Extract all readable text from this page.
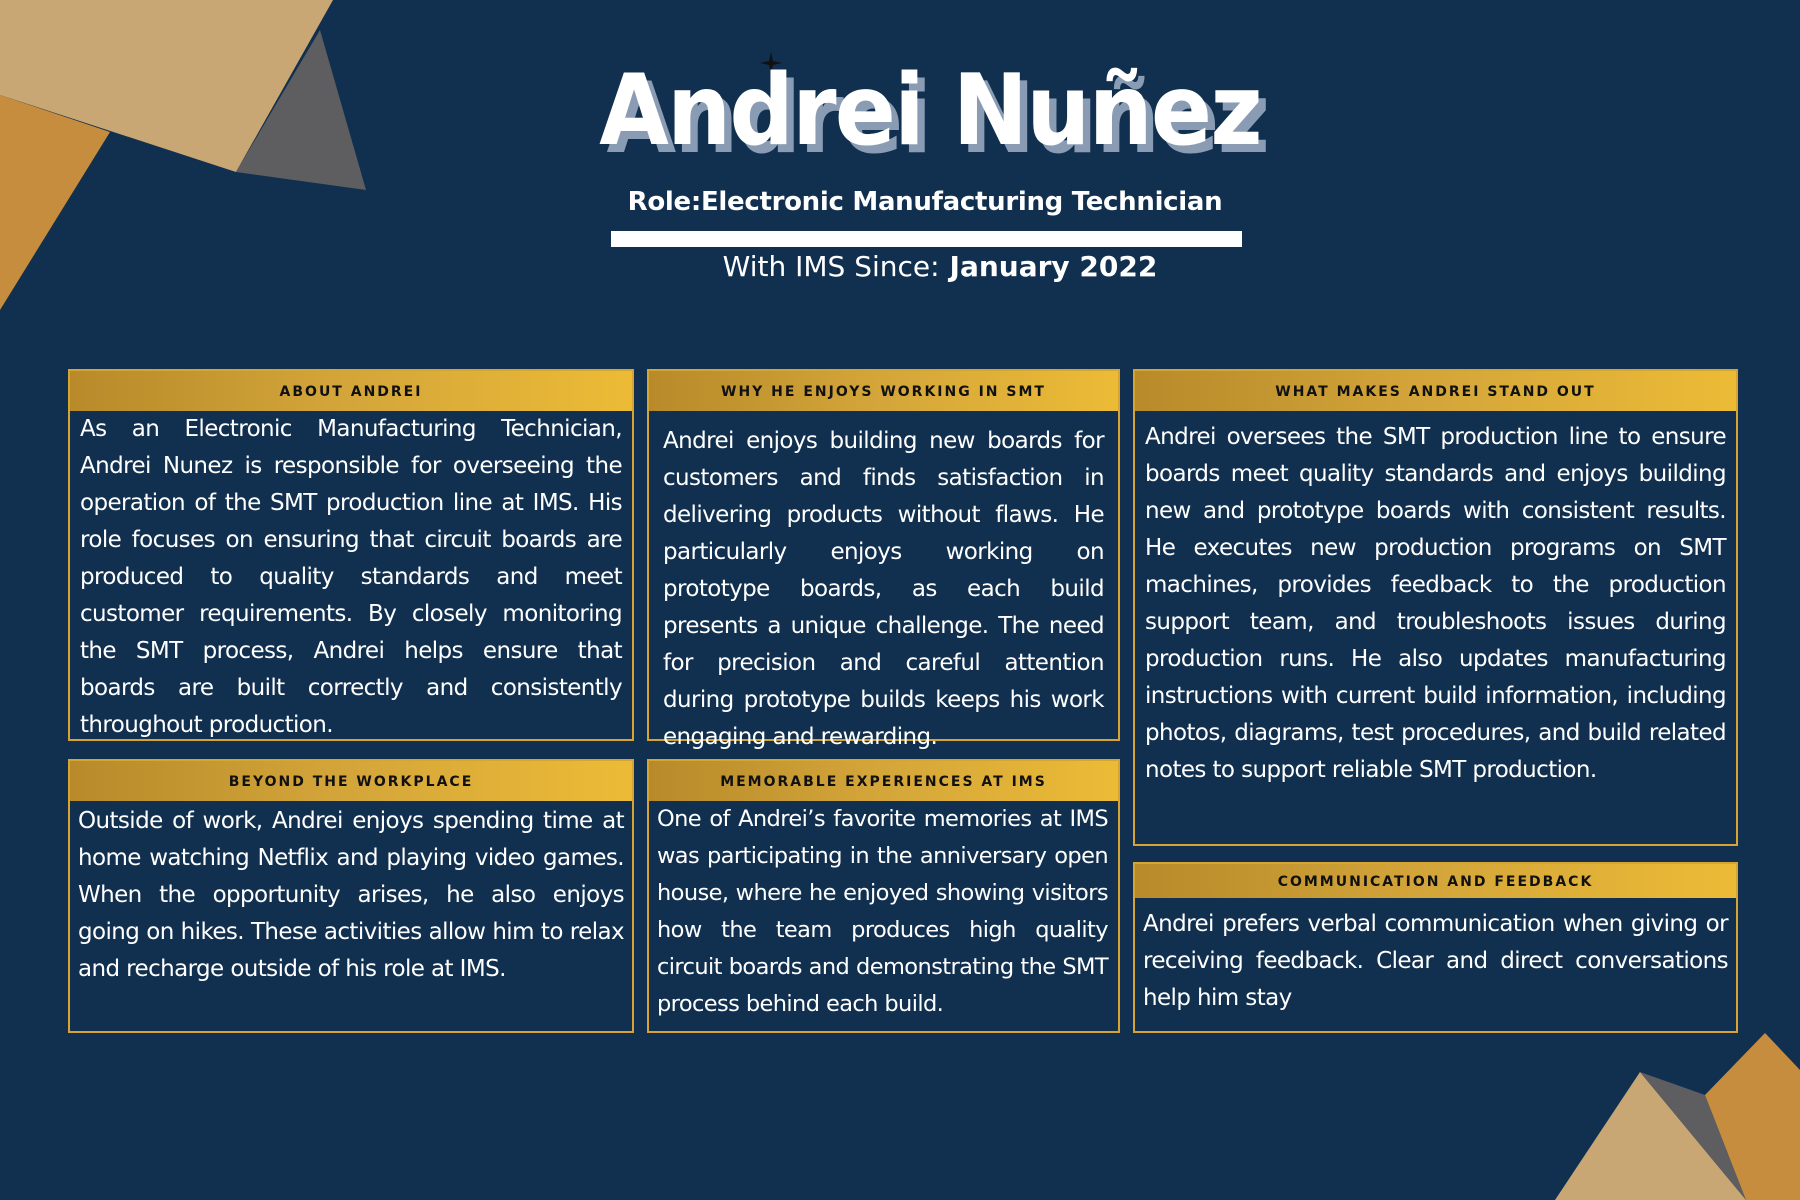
Andrei Nuñez
Role:Electronic Manufacturing Technician
With IMS Since: January 2022
ABOUT ANDREI
As an Electronic Manufacturing Technician, Andrei Nunez is responsible for overseeing the operation of the SMT production line at IMS. His role focuses on ensuring that circuit boards are produced to quality standards and meet customer requirements. By closely monitoring the SMT process, Andrei helps ensure that boards are built correctly and consistently throughout production.
WHY HE ENJOYS WORKING IN SMT
Andrei enjoys building new boards for customers and finds satisfaction in delivering products without flaws. He particularly enjoys working on prototype boards, as each build presents a unique challenge. The need for precision and careful attention during prototype builds keeps his work engaging and rewarding.
WHAT MAKES ANDREI STAND OUT
Andrei oversees the SMT production line to ensure boards meet quality standards and enjoys building new and prototype boards with consistent results. He executes new production programs on SMT machines, provides feedback to the production support team, and troubleshoots issues during production runs. He also updates manufacturing instructions with current build information, including photos, diagrams, test procedures, and build related notes to support reliable SMT production.
BEYOND THE WORKPLACE
Outside of work, Andrei enjoys spending time at home watching Netflix and playing video games. When the opportunity arises, he also enjoys going on hikes. These activities allow him to relax and recharge outside of his role at IMS.
MEMORABLE EXPERIENCES AT IMS
One of Andrei’s favorite memories at IMS was participating in the anniversary open house, where he enjoyed showing visitors how the team produces high quality circuit boards and demonstrating the SMT process behind each build.
COMMUNICATION AND FEEDBACK
Andrei prefers verbal communication when giving or receiving feedback. Clear and direct conversations help him stay
